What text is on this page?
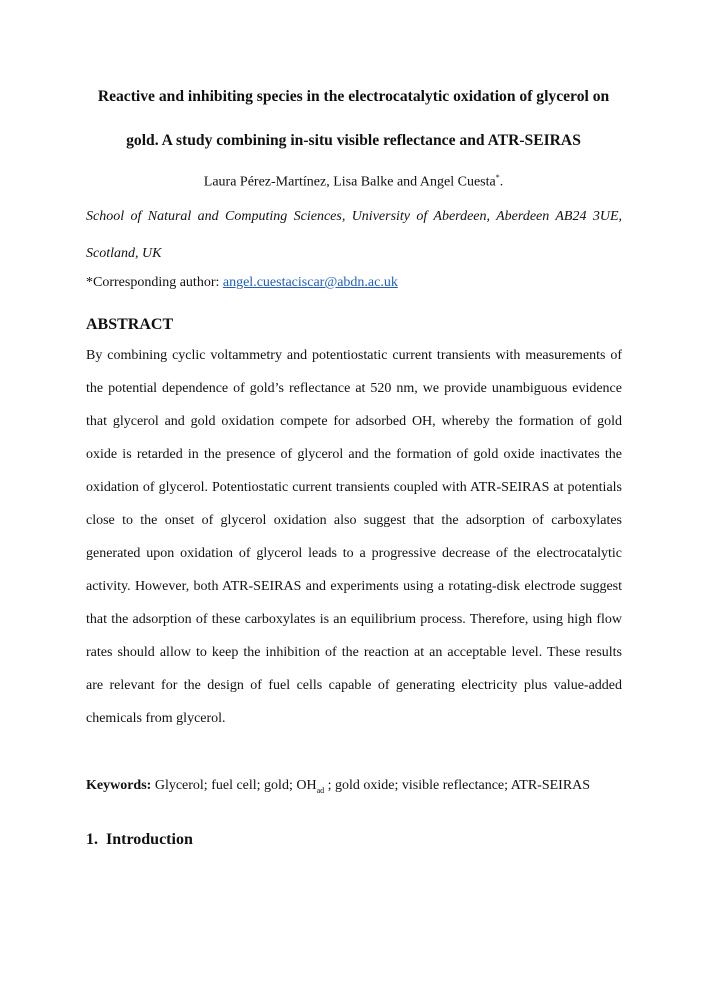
Reactive and inhibiting species in the electrocatalytic oxidation of glycerol on
gold. A study combining in-situ visible reflectance and ATR-SEIRAS
Laura Pérez-Martínez, Lisa Balke and Angel Cuesta*.
School of Natural and Computing Sciences, University of Aberdeen, Aberdeen AB24 3UE,
Scotland, UK
*Corresponding author: angel.cuestaciscar@abdn.ac.uk
ABSTRACT
By combining cyclic voltammetry and potentiostatic current transients with measurements of
the potential dependence of gold’s reflectance at 520 nm, we provide unambiguous evidence
that glycerol and gold oxidation compete for adsorbed OH, whereby the formation of gold
oxide is retarded in the presence of glycerol and the formation of gold oxide inactivates the
oxidation of glycerol. Potentiostatic current transients coupled with ATR-SEIRAS at potentials
close to the onset of glycerol oxidation also suggest that the adsorption of carboxylates
generated upon oxidation of glycerol leads to a progressive decrease of the electrocatalytic
activity. However, both ATR-SEIRAS and experiments using a rotating-disk electrode suggest
that the adsorption of these carboxylates is an equilibrium process. Therefore, using high flow
rates should allow to keep the inhibition of the reaction at an acceptable level. These results
are relevant for the design of fuel cells capable of generating electricity plus value-added
chemicals from glycerol.
Keywords: Glycerol; fuel cell; gold; $OH_{ad}$ ; gold oxide; visible reflectance; ATR-SEIRAS
1.  Introduction
